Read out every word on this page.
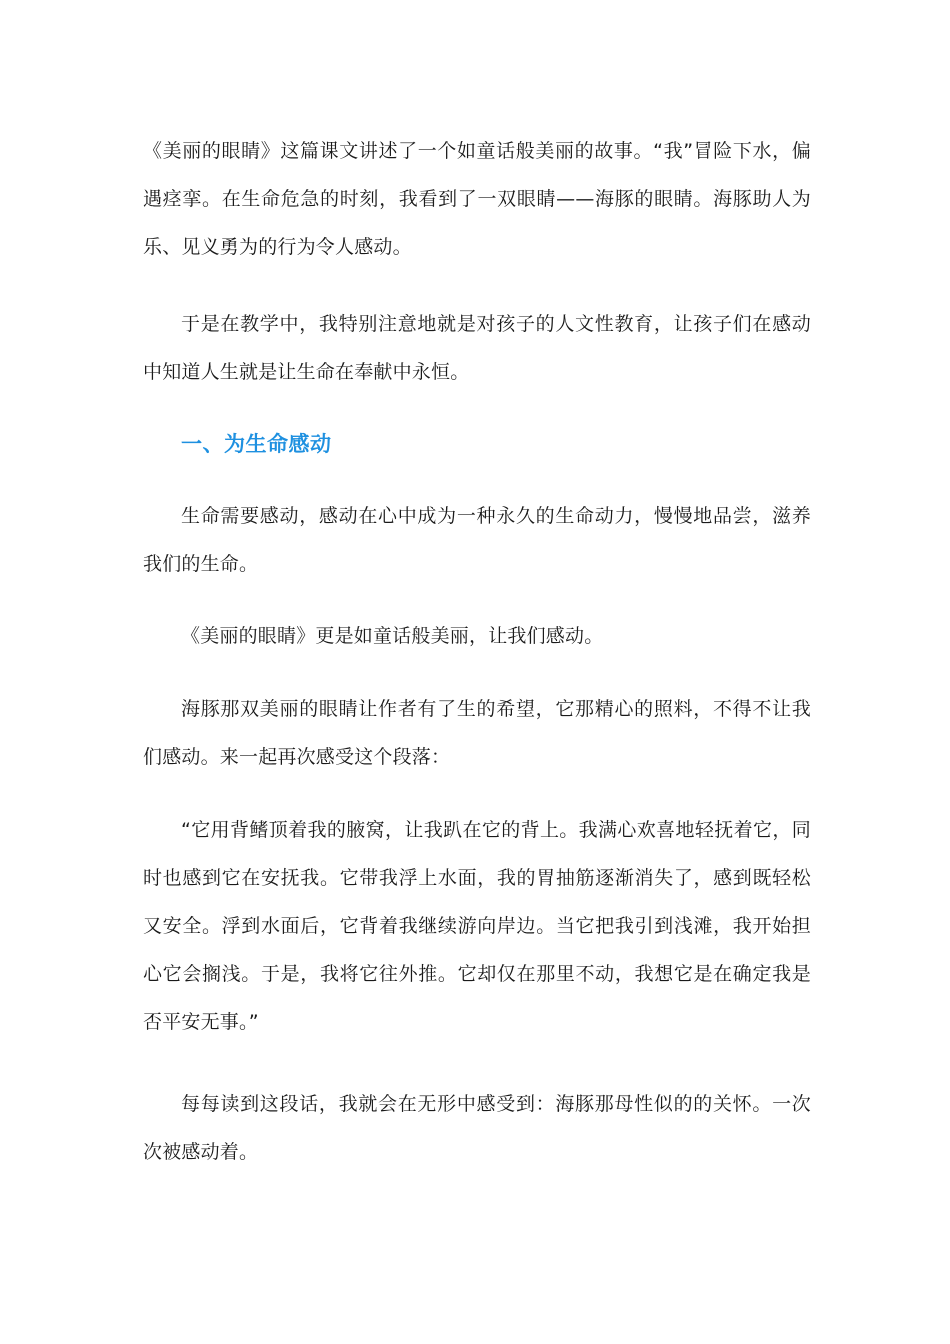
《美丽的眼睛》这篇课文讲述了一个如童话般美丽的故事。“我”冒险下水，偏遇痉挛。在生命危急的时刻，我看到了一双眼睛——海豚的眼睛。海豚助人为乐、见义勇为的行为令人感动。

于是在教学中，我特别注意地就是对孩子的人文性教育，让孩子们在感动中知道人生就是让生命在奉献中永恒。

一、为生命感动

生命需要感动，感动在心中成为一种永久的生命动力，慢慢地品尝，滋养我们的生命。

《美丽的眼睛》更是如童话般美丽，让我们感动。

海豚那双美丽的眼睛让作者有了生的希望，它那精心的照料，不得不让我们感动。来一起再次感受这个段落：

“它用背鳍顶着我的腋窝，让我趴在它的背上。我满心欢喜地轻抚着它，同时也感到它在安抚我。它带我浮上水面，我的胃抽筋逐渐消失了，感到既轻松又安全。浮到水面后，它背着我继续游向岸边。当它把我引到浅滩，我开始担心它会搁浅。于是，我将它往外推。它却仅在那里不动，我想它是在确定我是否平安无事。”

每每读到这段话，我就会在无形中感受到：海豚那母性似的的关怀。一次次被感动着。
